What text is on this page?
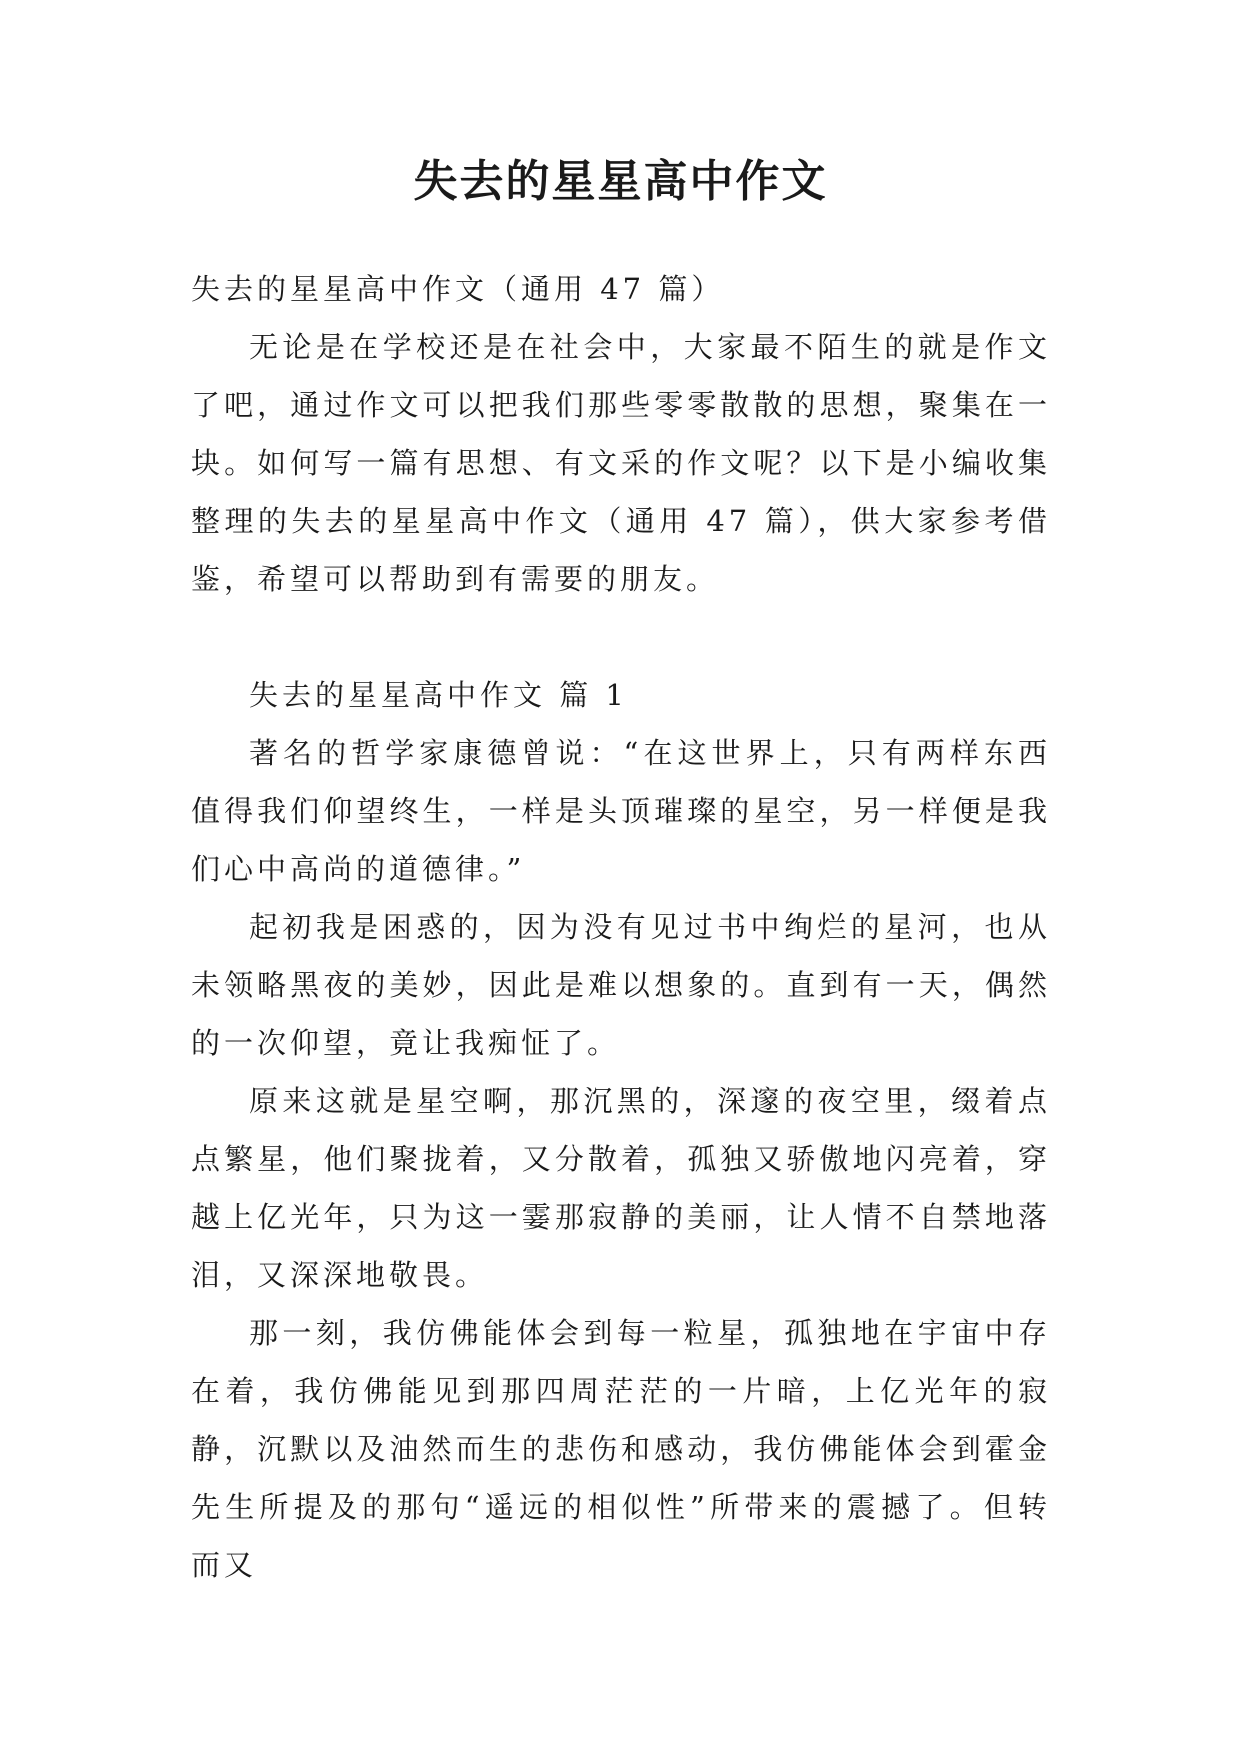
失去的星星高中作文

失去的星星高中作文（通用 47 篇）

无论是在学校还是在社会中，大家最不陌生的就是作文了吧，通过作文可以把我们那些零零散散的思想，聚集在一块。如何写一篇有思想、有文采的作文呢？以下是小编收集整理的失去的星星高中作文（通用 47 篇），供大家参考借鉴，希望可以帮助到有需要的朋友。

失去的星星高中作文 篇 1

著名的哲学家康德曾说：“在这世界上，只有两样东西值得我们仰望终生，一样是头顶璀璨的星空，另一样便是我们心中高尚的道德律。”

起初我是困惑的，因为没有见过书中绚烂的星河，也从未领略黑夜的美妙，因此是难以想象的。直到有一天，偶然的一次仰望，竟让我痴怔了。

原来这就是星空啊，那沉黑的，深邃的夜空里，缀着点点繁星，他们聚拢着，又分散着，孤独又骄傲地闪亮着，穿越上亿光年，只为这一霎那寂静的美丽，让人情不自禁地落泪，又深深地敬畏。

那一刻，我仿佛能体会到每一粒星，孤独地在宇宙中存在着，我仿佛能见到那四周茫茫的一片暗，上亿光年的寂静，沉默以及油然而生的悲伤和感动，我仿佛能体会到霍金先生所提及的那句“遥远的相似性”所带来的震撼了。但转而又
